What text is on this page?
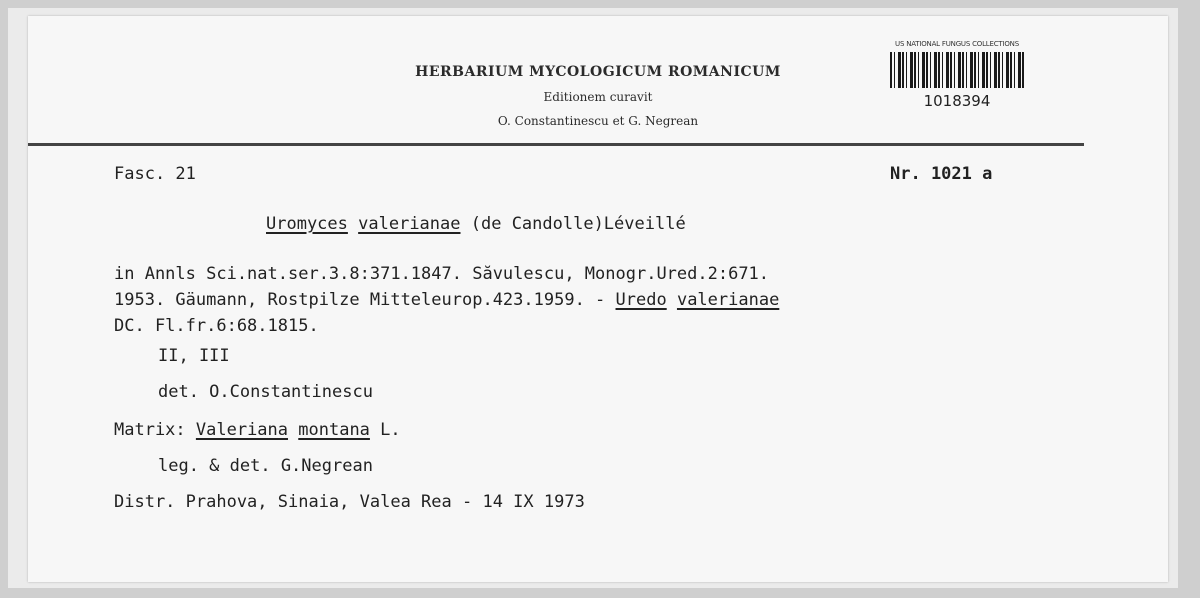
HERBARIUM MYCOLOGICUM ROMANICUM
Editionem curavit
O. Constantinescu et G. Negrean
US NATIONAL FUNGUS COLLECTIONS
1018394
Fasc. 21	Nr. 1021 a
Uromyces valerianae (de Candolle)Léveillé
in Annls Sci.nat.ser.3.8:371.1847. Săvulescu, Monogr.Ured.2:671.
1953. Gäumann, Rostpilze Mitteleurop.423.1959. - Uredo valerianae
DC. Fl.fr.6:68.1815.
II, III
det. O.Constantinescu
Matrix: Valeriana montana L.
leg. & det. G.Negrean
Distr. Prahova, Sinaia, Valea Rea - 14 IX 1973
